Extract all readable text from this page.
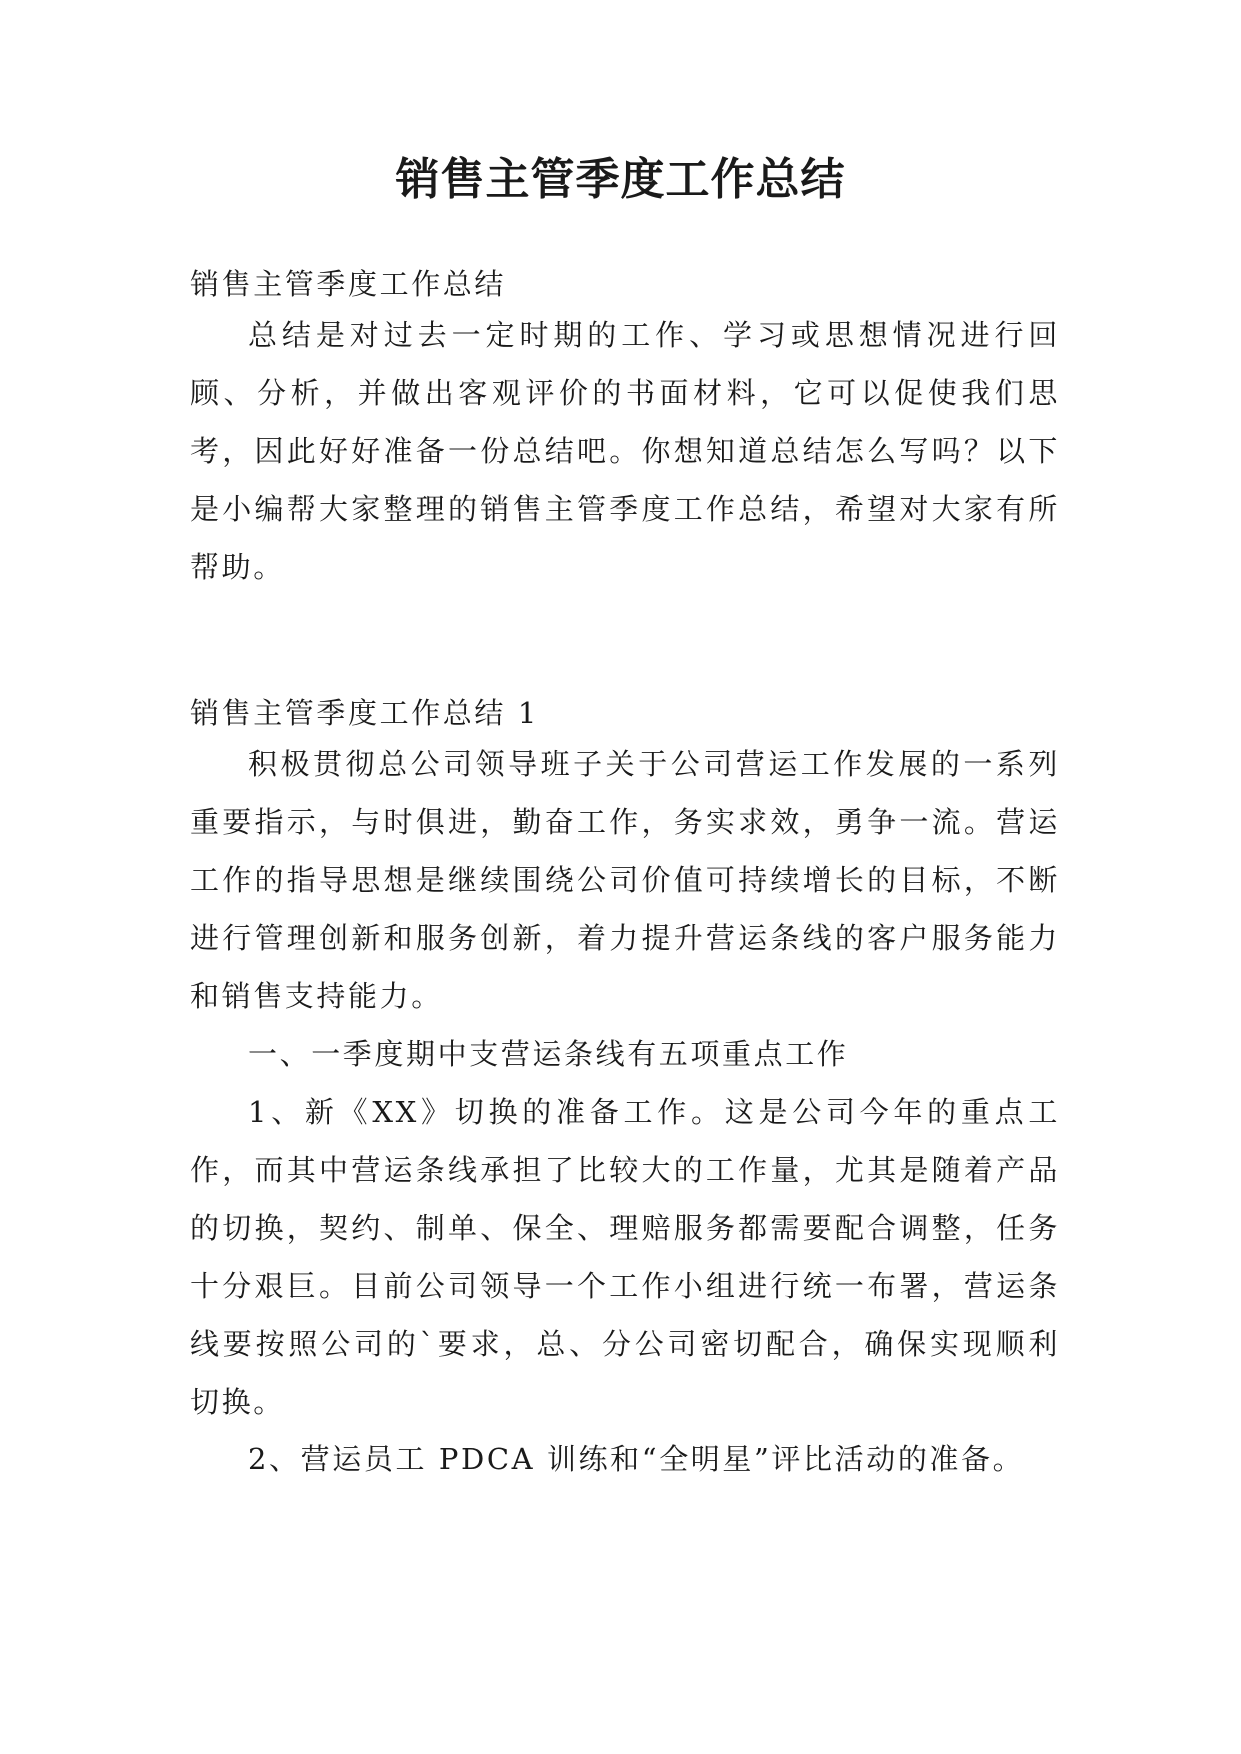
销售主管季度工作总结

销售主管季度工作总结

总结是对过去一定时期的工作、学习或思想情况进行回顾、分析，并做出客观评价的书面材料，它可以促使我们思考，因此好好准备一份总结吧。你想知道总结怎么写吗？以下是小编帮大家整理的销售主管季度工作总结，希望对大家有所帮助。

销售主管季度工作总结 1

积极贯彻总公司领导班子关于公司营运工作发展的一系列重要指示，与时俱进，勤奋工作，务实求效，勇争一流。营运工作的指导思想是继续围绕公司价值可持续增长的目标，不断进行管理创新和服务创新，着力提升营运条线的客户服务能力和销售支持能力。

一、一季度期中支营运条线有五项重点工作

1、新《XX》切换的准备工作。这是公司今年的重点工作，而其中营运条线承担了比较大的工作量，尤其是随着产品的切换，契约、制单、保全、理赔服务都需要配合调整，任务十分艰巨。目前公司领导一个工作小组进行统一布署，营运条线要按照公司的`要求，总、分公司密切配合，确保实现顺利切换。

2、营运员工 PDCA 训练和“全明星”评比活动的准备。
